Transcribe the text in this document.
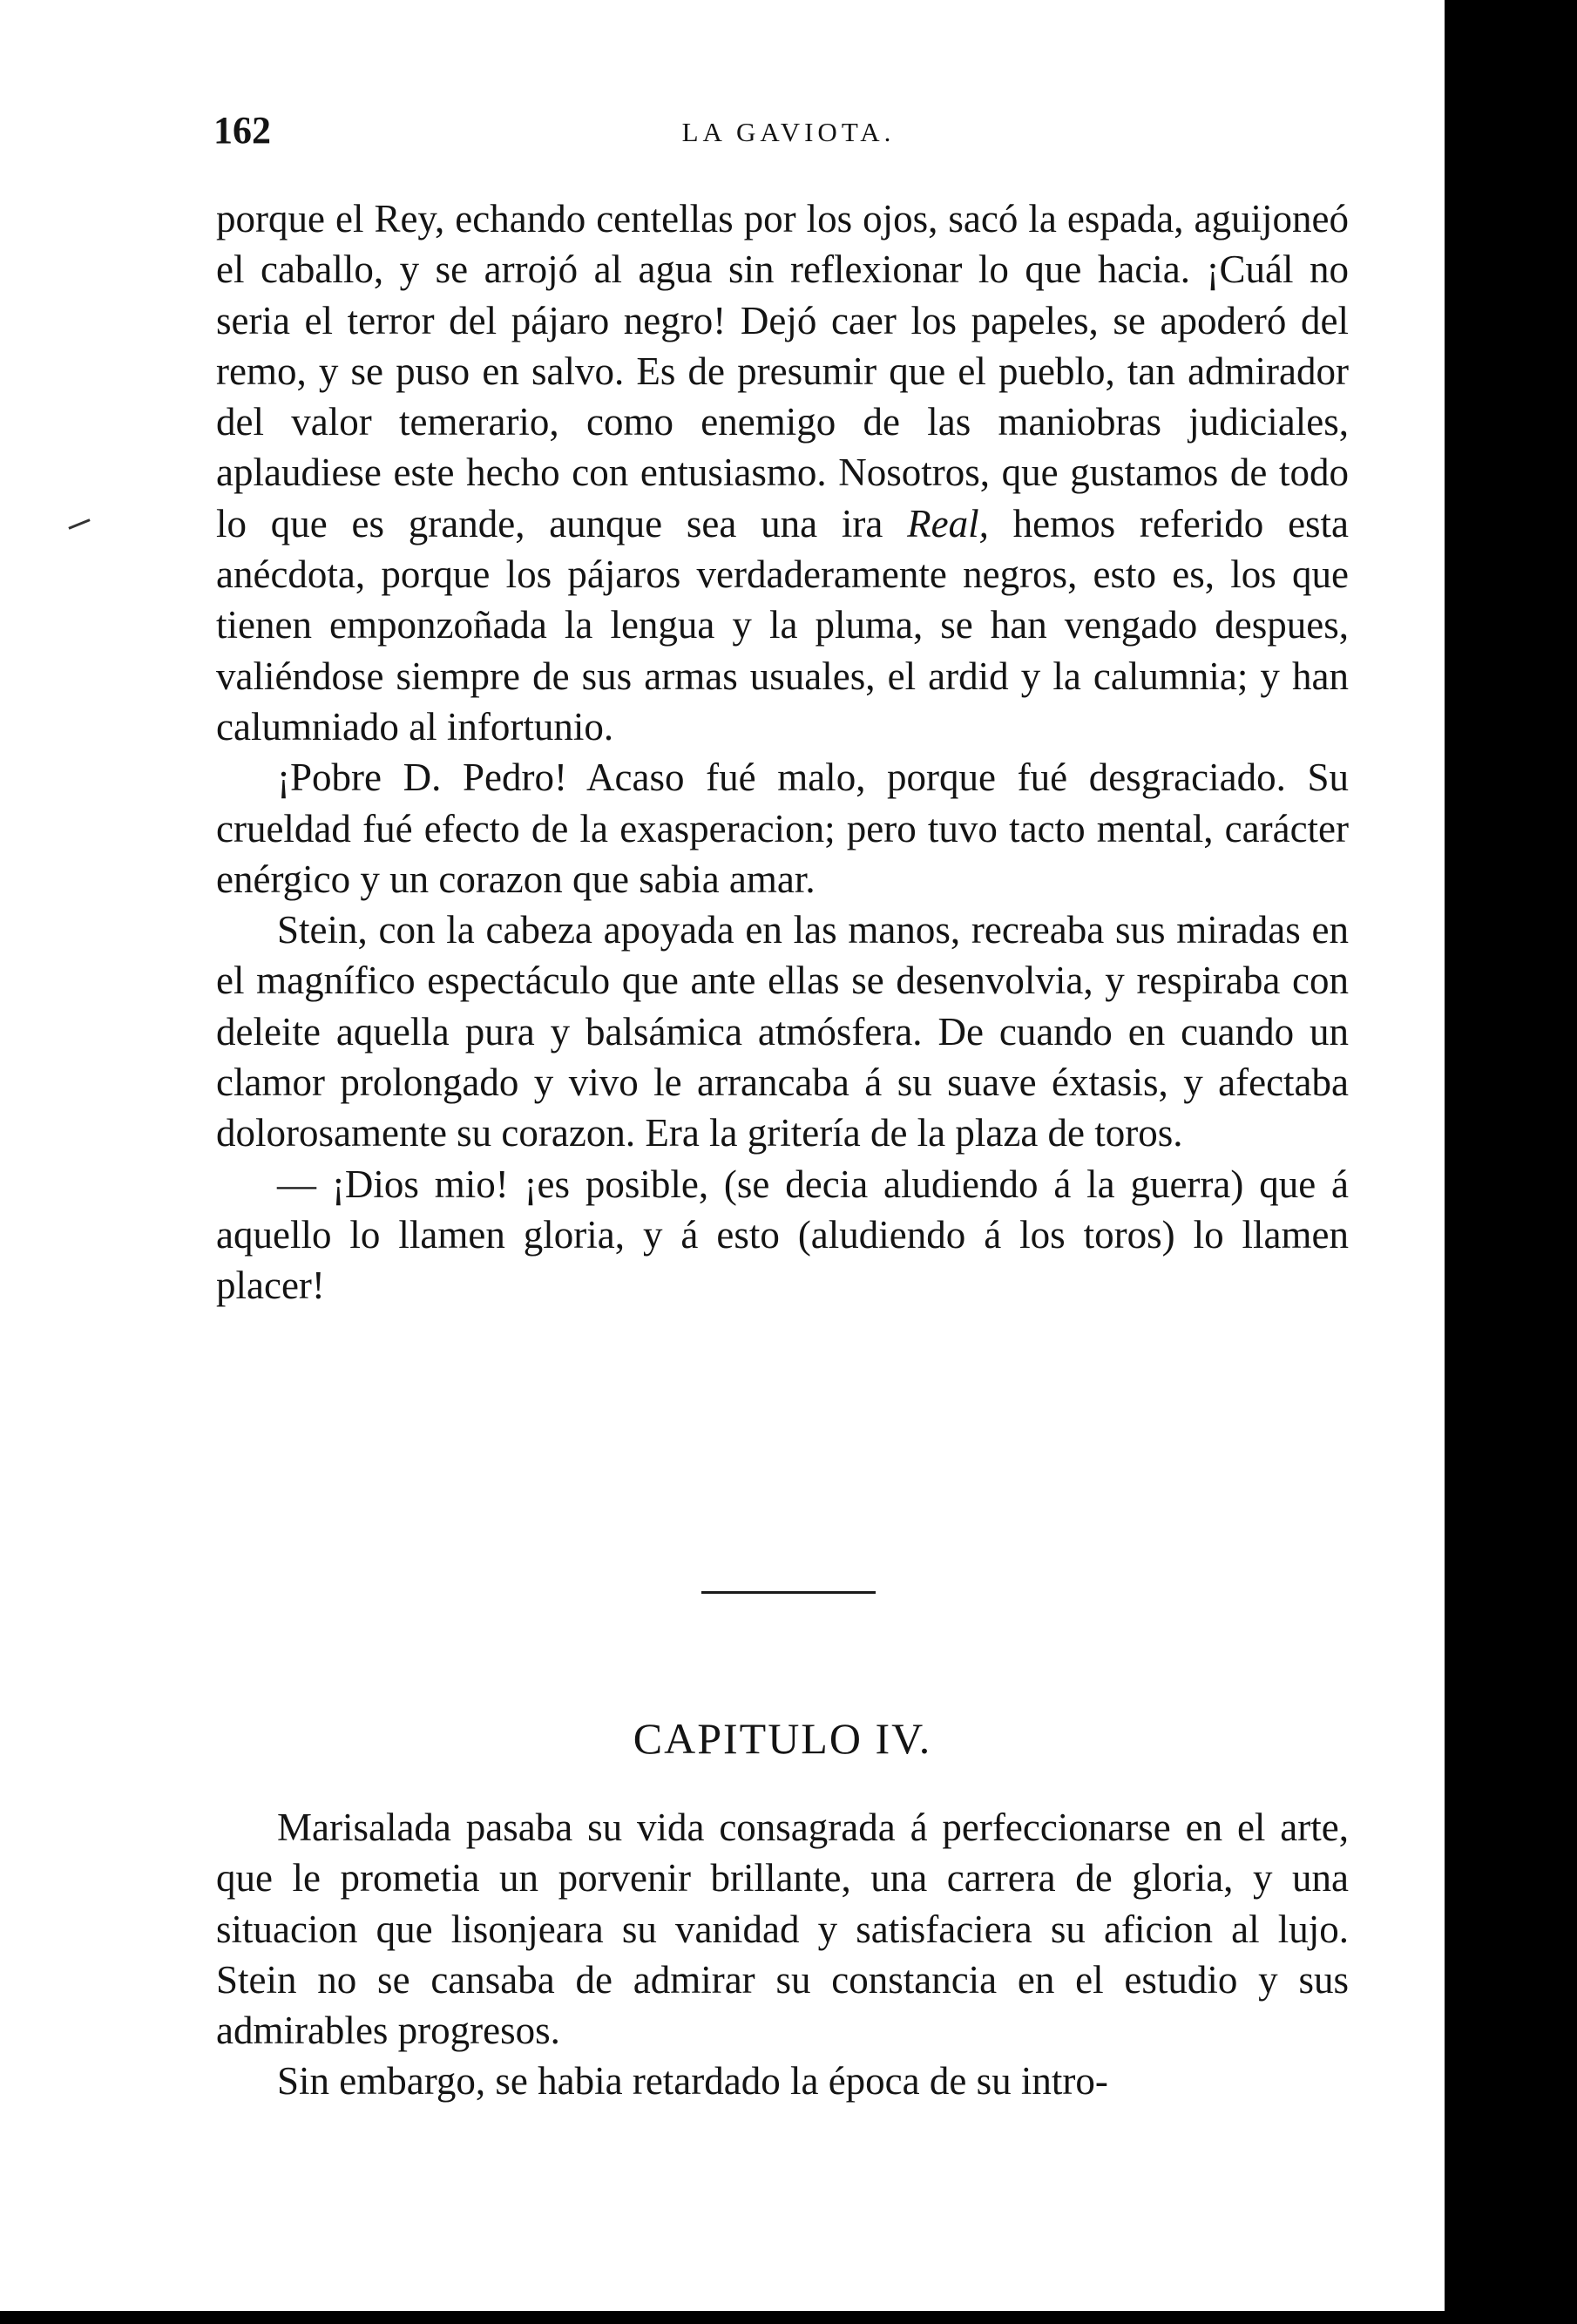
162	LA GAVIOTA.

porque el Rey, echando centellas por los ojos, sacó la espada, aguijoneó el caballo, y se arrojó al agua sin reflexionar lo que hacia. ¡Cuál no seria el terror del pájaro negro! Dejó caer los papeles, se apoderó del remo, y se puso en salvo. Es de presumir que el pueblo, tan admirador del valor temerario, como enemigo de las maniobras judiciales, aplaudiese este hecho con entusiasmo. Nosotros, que gustamos de todo lo que es grande, aunque sea una ira Real, hemos referido esta anécdota, porque los pájaros verdaderamente negros, esto es, los que tienen emponzoñada la lengua y la pluma, se han vengado despues, valiéndose siempre de sus armas usuales, el ardid y la calumnia; y han calumniado al infortunio.

¡Pobre D. Pedro! Acaso fué malo, porque fué desgraciado. Su crueldad fué efecto de la exasperacion; pero tuvo tacto mental, carácter enérgico y un corazon que sabia amar.

Stein, con la cabeza apoyada en las manos, recreaba sus miradas en el magnífico espectáculo que ante ellas se desenvolvia, y respiraba con deleite aquella pura y balsámica atmósfera. De cuando en cuando un clamor prolongado y vivo le arrancaba á su suave éxtasis, y afectaba dolorosamente su corazon. Era la gritería de la plaza de toros.

— ¡Dios mio! ¡es posible, (se decia aludiendo á la guerra) que á aquello lo llamen gloria, y á esto (aludiendo á los toros) lo llamen placer!

CAPITULO IV.

Marisalada pasaba su vida consagrada á perfeccionarse en el arte, que le prometia un porvenir brillante, una carrera de gloria, y una situacion que lisonjeara su vanidad y satisfaciera su aficion al lujo. Stein no se cansaba de admirar su constancia en el estudio y sus admirables progresos.

Sin embargo, se habia retardado la época de su intro-
